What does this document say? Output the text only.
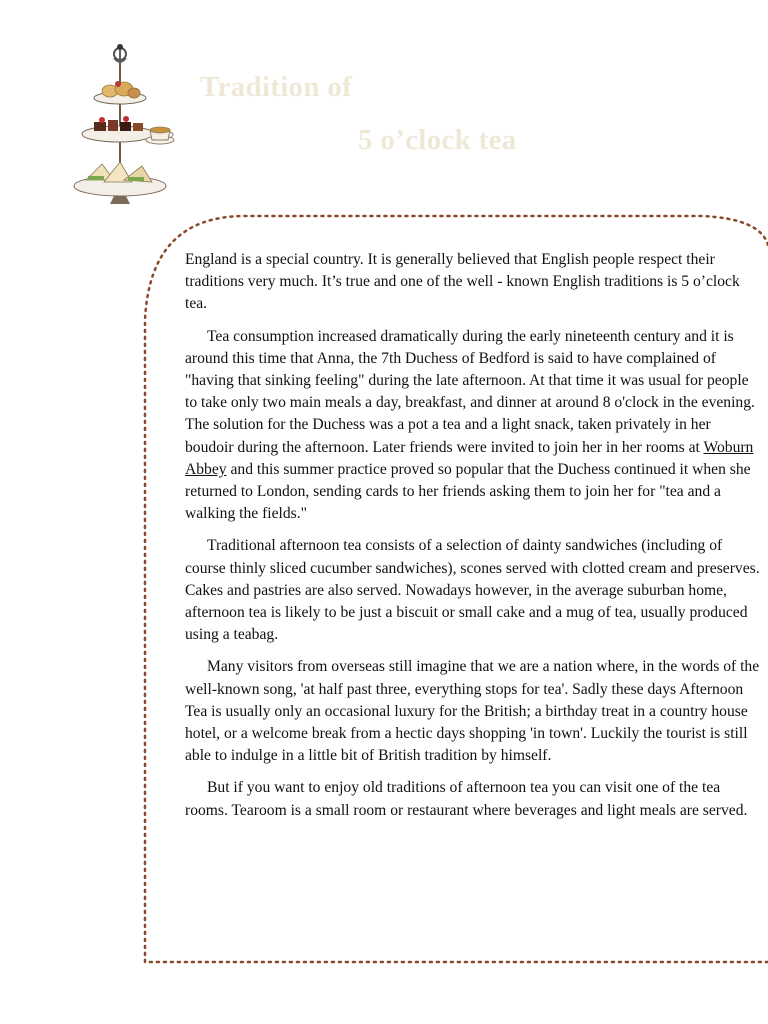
Tradition of
5 o’clock tea

England is a special country. It is generally believed that English people respect their traditions very much. It’s true and one of the well - known English traditions is 5 o’clock tea.

Tea consumption increased dramatically during the early nineteenth century and it is around this time that Anna, the 7th Duchess of Bedford is said to have complained of "having that sinking feeling" during the late afternoon. At that time it was usual for people to take only two main meals a day, breakfast, and dinner at around 8 o'clock in the evening. The solution for the Duchess was a pot a tea and a light snack, taken privately in her boudoir during the afternoon. Later friends were invited to join her in her rooms at Woburn Abbey and this summer practice proved so popular that the Duchess continued it when she returned to London, sending cards to her friends asking them to join her for "tea and a walking the fields."

Traditional afternoon tea consists of a selection of dainty sandwiches (including of course thinly sliced cucumber sandwiches), scones served with clotted cream and preserves. Cakes and pastries are also served. Nowadays however, in the average suburban home, afternoon tea is likely to be just a biscuit or small cake and a mug of tea, usually produced using a teabag.

Many visitors from overseas still imagine that we are a nation where, in the words of the well-known song, 'at half past three, everything stops for tea'. Sadly these days Afternoon Tea is usually only an occasional luxury for the British; a birthday treat in a country house hotel, or a welcome break from a hectic days shopping 'in town'. Luckily the tourist is still able to indulge in a little bit of British tradition by himself.

But if you want to enjoy old traditions of afternoon tea you can visit one of the tea rooms. Tearoom is a small room or restaurant where beverages and light meals are served.
